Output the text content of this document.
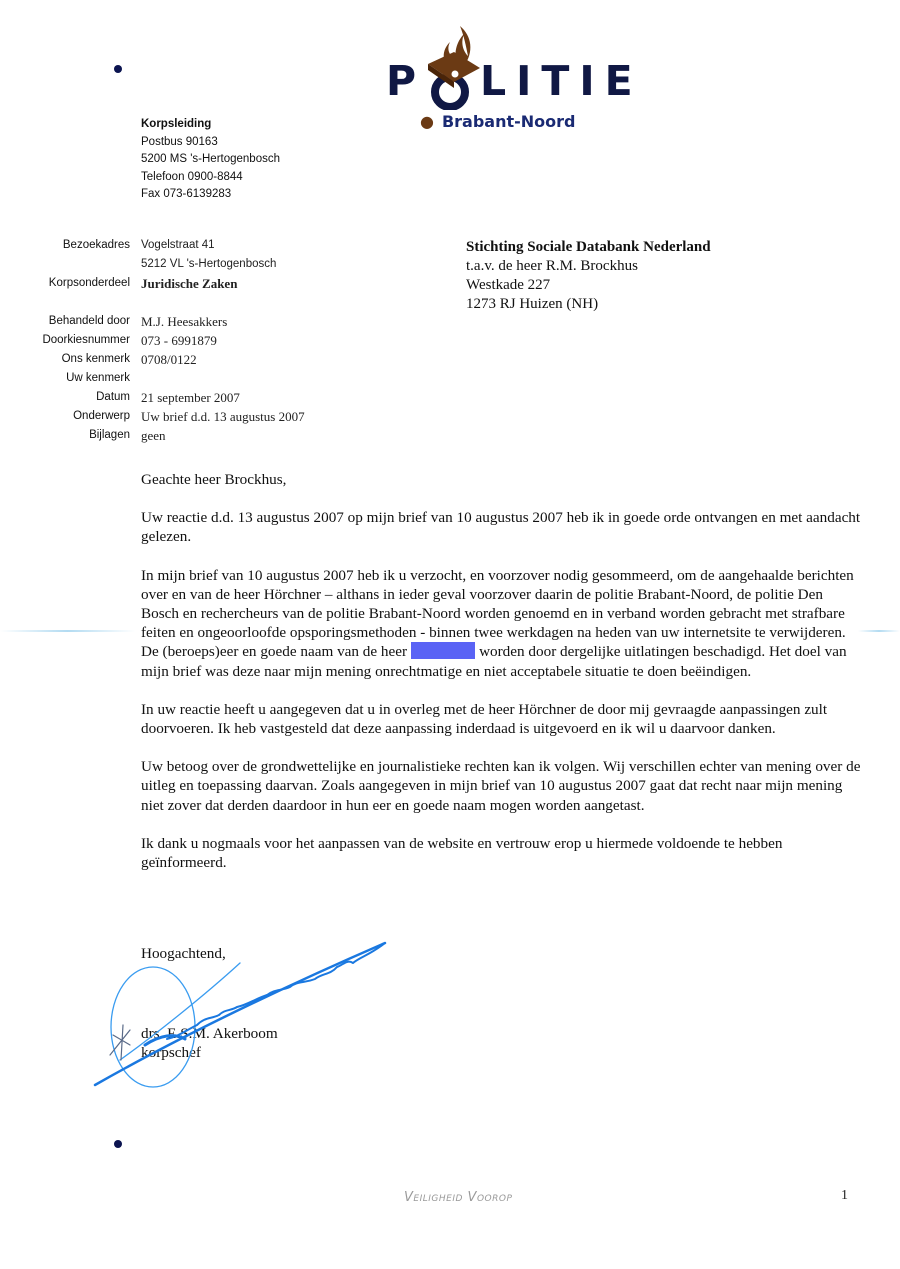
P LITIE
● Brabant-Noord
Korpsleiding
Postbus 90163
5200 MS 's-Hertogenbosch
Telefoon 0900-8844
Fax 073-6139283
Bezoekadres Vogelstraat 41
5212 VL 's-Hertogenbosch
Korpsonderdeel Juridische Zaken
Behandeld door M.J. Heesakkers
Doorkiesnummer 073 - 6991879
Ons kenmerk 0708/0122
Uw kenmerk
Datum 21 september 2007
Onderwerp Uw brief d.d. 13 augustus 2007
Bijlagen geen
Stichting Sociale Databank Nederland
t.a.v. de heer R.M. Brockhus
Westkade 227
1273 RJ Huizen (NH)

Geachte heer Brockhus,

Uw reactie d.d. 13 augustus 2007 op mijn brief van 10 augustus 2007 heb ik in goede orde ontvangen en met aandacht gelezen.

In mijn brief van 10 augustus 2007 heb ik u verzocht, en voorzover nodig gesommeerd, om de aangehaalde berichten over en van de heer Hörchner – althans in ieder geval voorzover daarin de politie Brabant-Noord, de politie Den Bosch en rechercheurs van de politie Brabant-Noord worden genoemd en in verband worden gebracht met strafbare feiten en ongeoorloofde opsporingsmethoden - binnen twee werkdagen na heden van uw internetsite te verwijderen. De (beroeps)eer en goede naam van de heer	worden door dergelijke uitlatingen beschadigd. Het doel van mijn brief was deze naar mijn mening onrechtmatige en niet acceptabele situatie te doen beëindigen.

In uw reactie heeft u aangegeven dat u in overleg met de heer Hörchner de door mij gevraagde aanpassingen zult doorvoeren. Ik heb vastgesteld dat deze aanpassing inderdaad is uitgevoerd en ik wil u daarvoor danken.

Uw betoog over de grondwettelijke en journalistieke rechten kan ik volgen. Wij verschillen echter van mening over de uitleg en toepassing daarvan. Zoals aangegeven in mijn brief van 10 augustus 2007 gaat dat recht naar mijn mening niet zover dat derden daardoor in hun eer en goede naam mogen worden aangetast.

Ik dank u nogmaals voor het aanpassen van de website en vertrouw erop u hiermede voldoende te hebben geïnformeerd.

Hoogachtend,
drs. E.S.M. Akerboom
korpschef
Veiligheid Voorop	1
